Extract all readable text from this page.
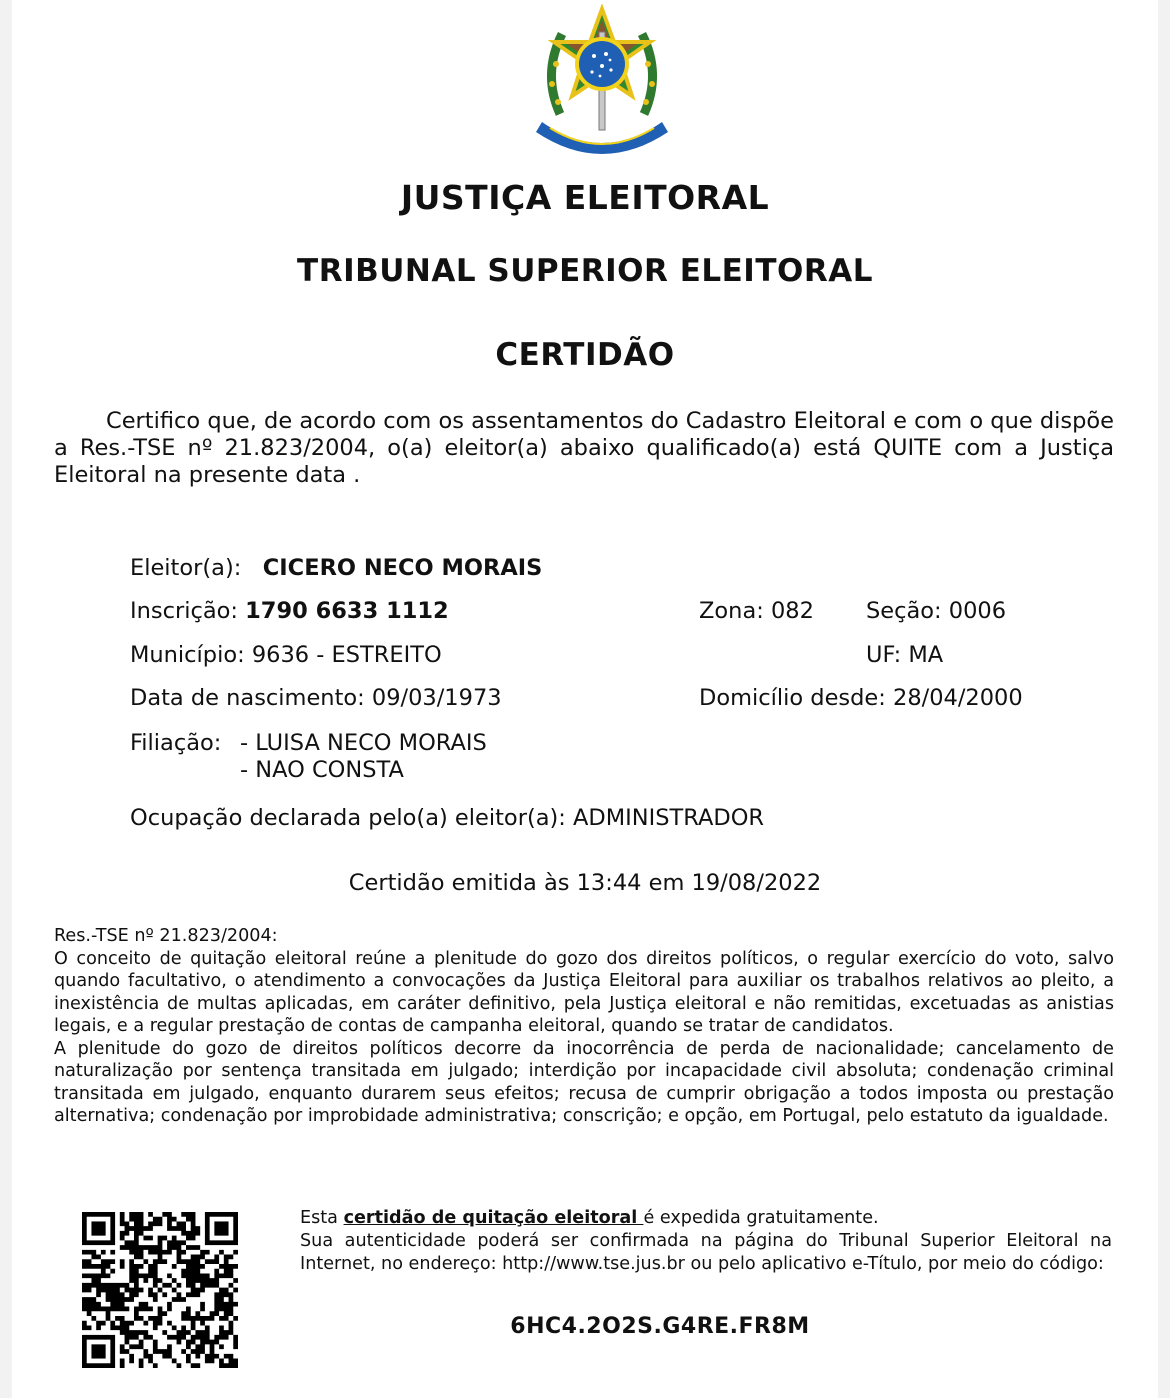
JUSTIÇA ELEITORAL
TRIBUNAL SUPERIOR ELEITORAL
CERTIDÃO
Certifico que, de acordo com os assentamentos do Cadastro Eleitoral e com o que dispõe a Res.-TSE nº 21.823/2004, o(a) eleitor(a) abaixo qualificado(a) está QUITE com a Justiça Eleitoral na presente data .
Eleitor(a): CICERO NECO MORAIS
Inscrição: 1790 6633 1112	Zona: 082 Seção: 0006
Município: 9636 - ESTREITO	UF: MA
Data de nascimento: 09/03/1973	Domicílio desde: 28/04/2000
Filiação: - LUISA NECO MORAIS
- NAO CONSTA
Ocupação declarada pelo(a) eleitor(a): ADMINISTRADOR
Certidão emitida às 13:44 em 19/08/2022

Res.-TSE nº 21.823/2004:

O conceito de quitação eleitoral reúne a plenitude do gozo dos direitos políticos, o regular exercício do voto, salvo quando facultativo, o atendimento a convocações da Justiça Eleitoral para auxiliar os trabalhos relativos ao pleito, a inexistência de multas aplicadas, em caráter definitivo, pela Justiça eleitoral e não remitidas, excetuadas as anistias legais, e a regular prestação de contas de campanha eleitoral, quando se tratar de candidatos.

A plenitude do gozo de direitos políticos decorre da inocorrência de perda de nacionalidade; cancelamento de naturalização por sentença transitada em julgado; interdição por incapacidade civil absoluta; condenação criminal transitada em julgado, enquanto durarem seus efeitos; recusa de cumprir obrigação a todos imposta ou prestação alternativa; condenação por improbidade administrativa; conscrição; e opção, em Portugal, pelo estatuto da igualdade.

Esta certidão de quitação eleitoral é expedida gratuitamente.

Sua autenticidade poderá ser confirmada na página do Tribunal Superior Eleitoral na Internet, no endereço: http://www.tse.jus.br ou pelo aplicativo e-Título, por meio do código:

6HC4.2O2S.G4RE.FR8M
